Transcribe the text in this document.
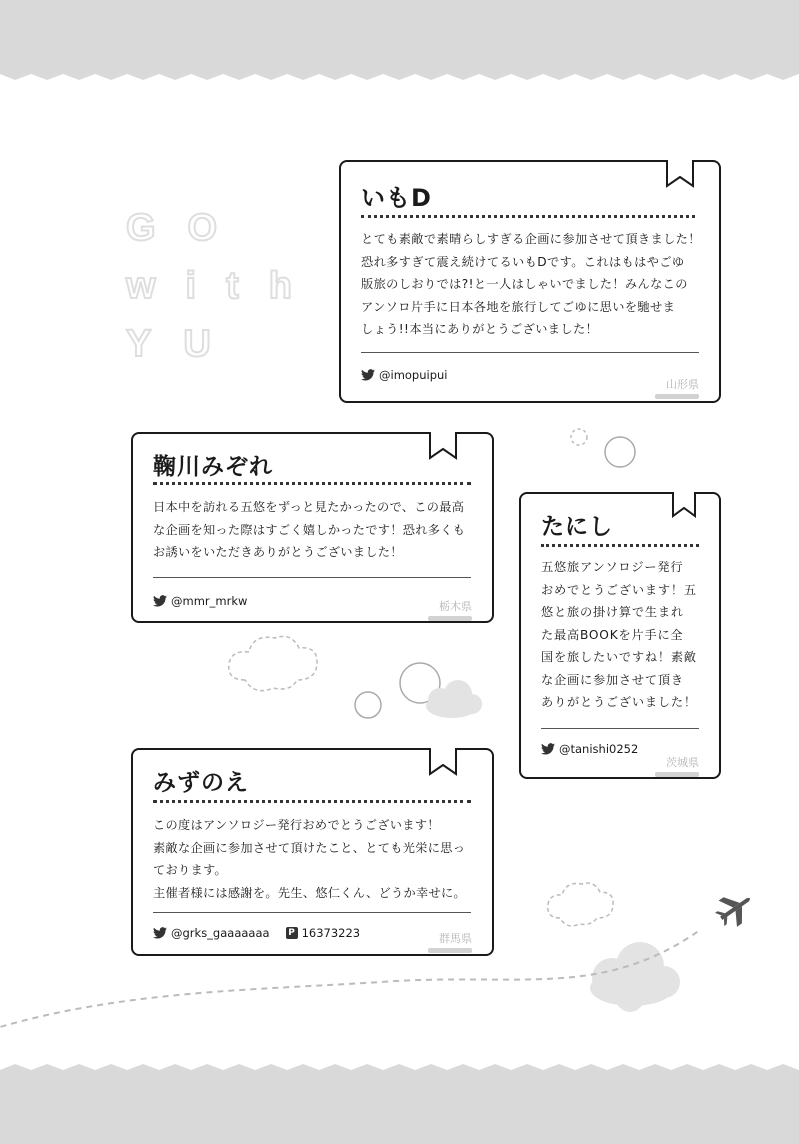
GO
with
YU
いもD
とても素敵で素晴らしすぎる企画に参加させて頂きました！
恐れ多すぎて震え続けてるいもDです。これはもはやごゆ
版旅のしおりでは?!と一人はしゃいでました！みんなこの
アンソロ片手に日本各地を旅行してごゆに思いを馳せま
しょう!!本当にありがとうございました！
@imopuipui
山形県
鞠川みぞれ
日本中を訪れる五悠をずっと見たかったので、この最高
な企画を知った際はすごく嬉しかったです！恐れ多くも
お誘いをいただきありがとうございました！
@mmr_mrkw	栃木県
たにし
五悠旅アンソロジー発行
おめでとうございます！五
悠と旅の掛け算で生まれ
た最高BOOKを片手に全
国を旅したいですね！素敵
な企画に参加させて頂き
ありがとうございました！
@tanishi0252
茨城県
みずのえ
この度はアンソロジー発行おめでとうございます！
素敵な企画に参加させて頂けたこと、とても光栄に思っ
ております。
主催者様には感謝を。先生、悠仁くん、どうか幸せに。
@grks_gaaaaaaa P 16373223	群馬県
